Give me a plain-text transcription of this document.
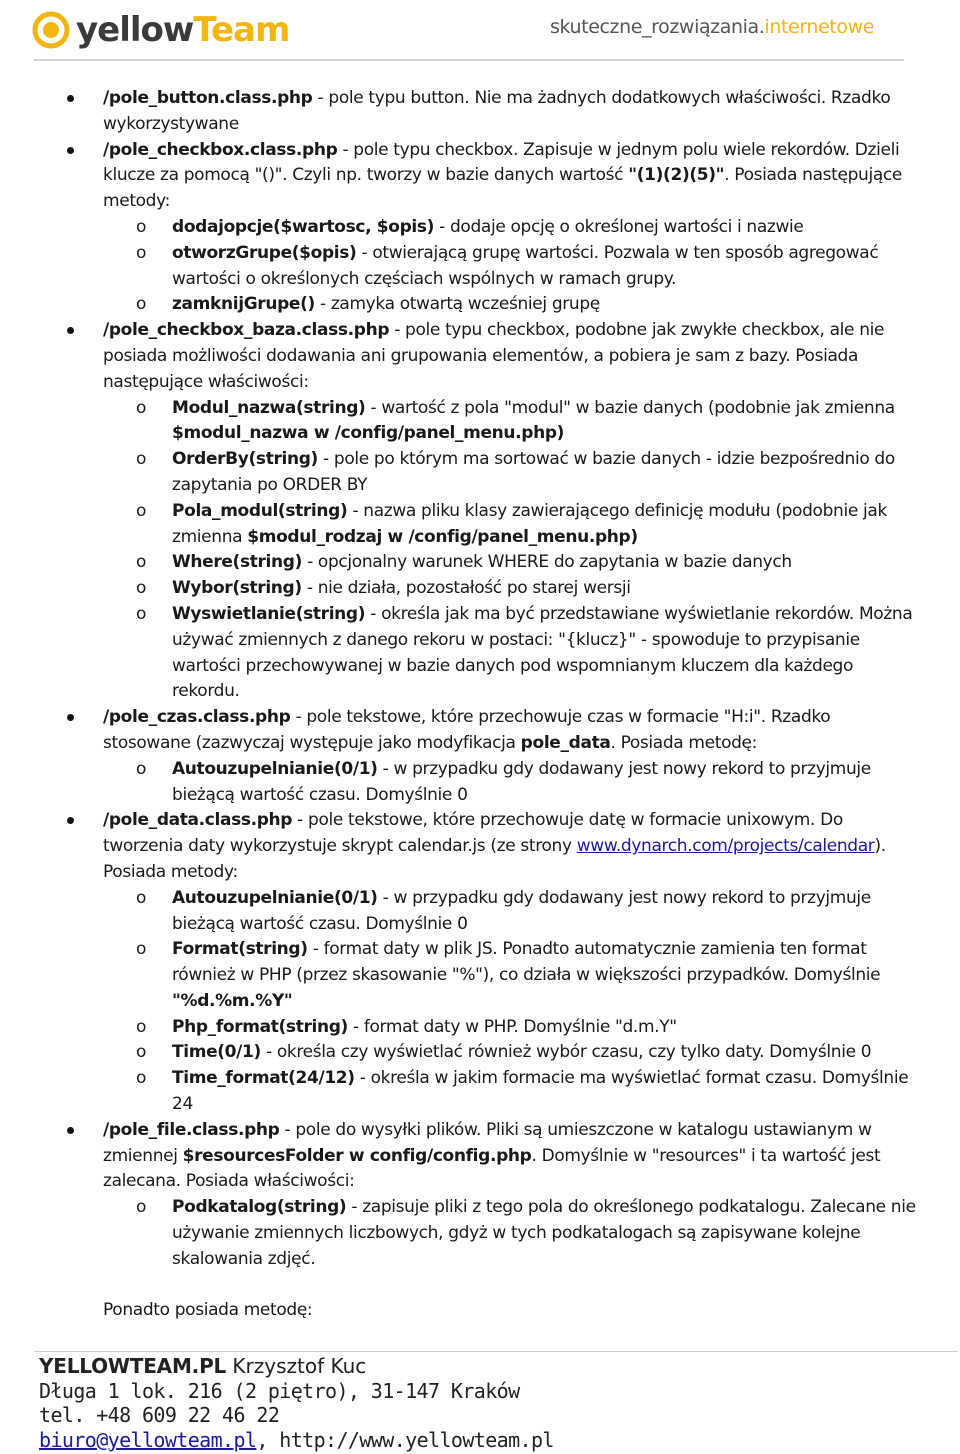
yellowTeam	skuteczne_rozwiązania.internetowe
/pole_button.class.php - pole typu button. Nie ma żadnych dodatkowych właściwości. Rzadko wykorzystywane
/pole_checkbox.class.php - pole typu checkbox. Zapisuje w jednym polu wiele rekordów. Dzieli klucze za pomocą "()". Czyli np. tworzy w bazie danych wartość "(1)(2)(5)". Posiada następujące metody:
o dodajopcje($wartosc, $opis) - dodaje opcję o określonej wartości i nazwie
o otworzGrupe($opis) - otwierającą grupę wartości. Pozwala w ten sposób agregować wartości o określonych częściach wspólnych w ramach grupy.
o zamknijGrupe() - zamyka otwartą wcześniej grupę
/pole_checkbox_baza.class.php - pole typu checkbox, podobne jak zwykłe checkbox, ale nie posiada możliwości dodawania ani grupowania elementów, a pobiera je sam z bazy. Posiada następujące właściwości:
o Modul_nazwa(string) - wartość z pola "modul" w bazie danych (podobnie jak zmienna $modul_nazwa w /config/panel_menu.php)
o OrderBy(string) - pole po którym ma sortować w bazie danych - idzie bezpośrednio do zapytania po ORDER BY
o Pola_modul(string) - nazwa pliku klasy zawierającego definicję modułu (podobnie jak zmienna $modul_rodzaj w /config/panel_menu.php)
o Where(string) - opcjonalny warunek WHERE do zapytania w bazie danych
o Wybor(string) - nie działa, pozostałość po starej wersji
o Wyswietlanie(string) - określa jak ma być przedstawiane wyświetlanie rekordów. Można używać zmiennych z danego rekoru w postaci: "{klucz}" - spowoduje to przypisanie wartości przechowywanej w bazie danych pod wspomnianym kluczem dla każdego rekordu.
/pole_czas.class.php - pole tekstowe, które przechowuje czas w formacie "H:i". Rzadko stosowane (zazwyczaj występuje jako modyfikacja pole_data. Posiada metodę:
o Autouzupelnianie(0/1) - w przypadku gdy dodawany jest nowy rekord to przyjmuje bieżącą wartość czasu. Domyślnie 0
/pole_data.class.php - pole tekstowe, które przechowuje datę w formacie unixowym. Do tworzenia daty wykorzystuje skrypt calendar.js (ze strony www.dynarch.com/projects/calendar). Posiada metody:
o Autouzupelnianie(0/1) - w przypadku gdy dodawany jest nowy rekord to przyjmuje bieżącą wartość czasu. Domyślnie 0
o Format(string) - format daty w plik JS. Ponadto automatycznie zamienia ten format również w PHP (przez skasowanie "%"), co działa w większości przypadków. Domyślnie "%d.%m.%Y"
o Php_format(string) - format daty w PHP. Domyślnie "d.m.Y"
o Time(0/1) - określa czy wyświetlać również wybór czasu, czy tylko daty. Domyślnie 0
o Time_format(24/12) - określa w jakim formacie ma wyświetlać format czasu. Domyślnie 24
/pole_file.class.php - pole do wysyłki plików. Pliki są umieszczone w katalogu ustawianym w zmiennej $resourcesFolder w config/config.php. Domyślnie w "resources" i ta wartość jest zalecana. Posiada właściwości:
o Podkatalog(string) - zapisuje pliki z tego pola do określonego podkatalogu. Zalecane nie używanie zmiennych liczbowych, gdyż w tych podkatalogach są zapisywane kolejne skalowania zdjęć.
Ponadto posiada metodę:
YELLOWTEAM.PL Krzysztof Kuc
Długa 1 lok. 216 (2 piętro), 31-147 Kraków
tel. +48 609 22 46 22
biuro@yellowteam.pl, http://www.yellowteam.pl
